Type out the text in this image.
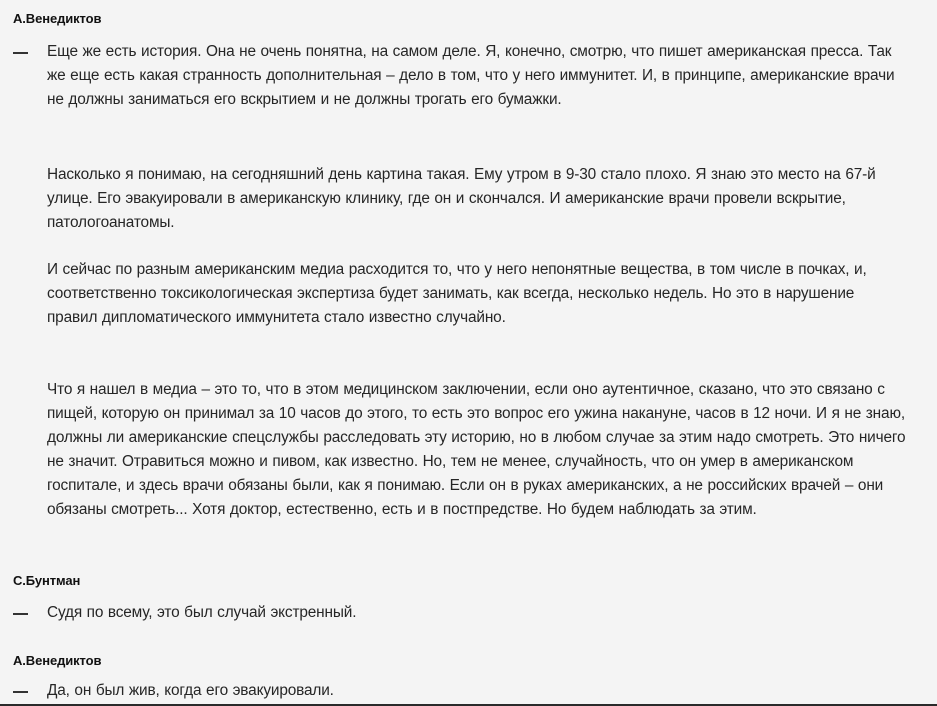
А.Венедиктов
Еще же есть история. Она не очень понятна, на самом деле. Я, конечно, смотрю, что пишет американская пресса. Так же еще есть какая странность дополнительная – дело в том, что у него иммунитет. И, в принципе, американские врачи не должны заниматься его вскрытием и не должны трогать его бумажки.
Насколько я понимаю, на сегодняшний день картина такая. Ему утром в 9-30 стало плохо. Я знаю это место на 67-й улице. Его эвакуировали в американскую клинику, где он и скончался. И американские врачи провели вскрытие, патологоанатомы.
И сейчас по разным американским медиа расходится то, что у него непонятные вещества, в том числе в почках, и, соответственно токсикологическая экспертиза будет занимать, как всегда, несколько недель. Но это в нарушение правил дипломатического иммунитета стало известно случайно.
Что я нашел в медиа – это то, что в этом медицинском заключении, если оно аутентичное, сказано, что это связано с пищей, которую он принимал за 10 часов до этого, то есть это вопрос его ужина накануне, часов в 12 ночи. И я не знаю, должны ли американские спецслужбы расследовать эту историю, но в любом случае за этим надо смотреть. Это ничего не значит. Отравиться можно и пивом, как известно. Но, тем не менее, случайность, что он умер в американском госпитале, и здесь врачи обязаны были, как я понимаю. Если он в руках американских, а не российских врачей – они обязаны смотреть... Хотя доктор, естественно, есть и в постпредстве. Но будем наблюдать за этим.
С.Бунтман
Судя по всему, это был случай экстренный.
А.Венедиктов
Да, он был жив, когда его эвакуировали.
